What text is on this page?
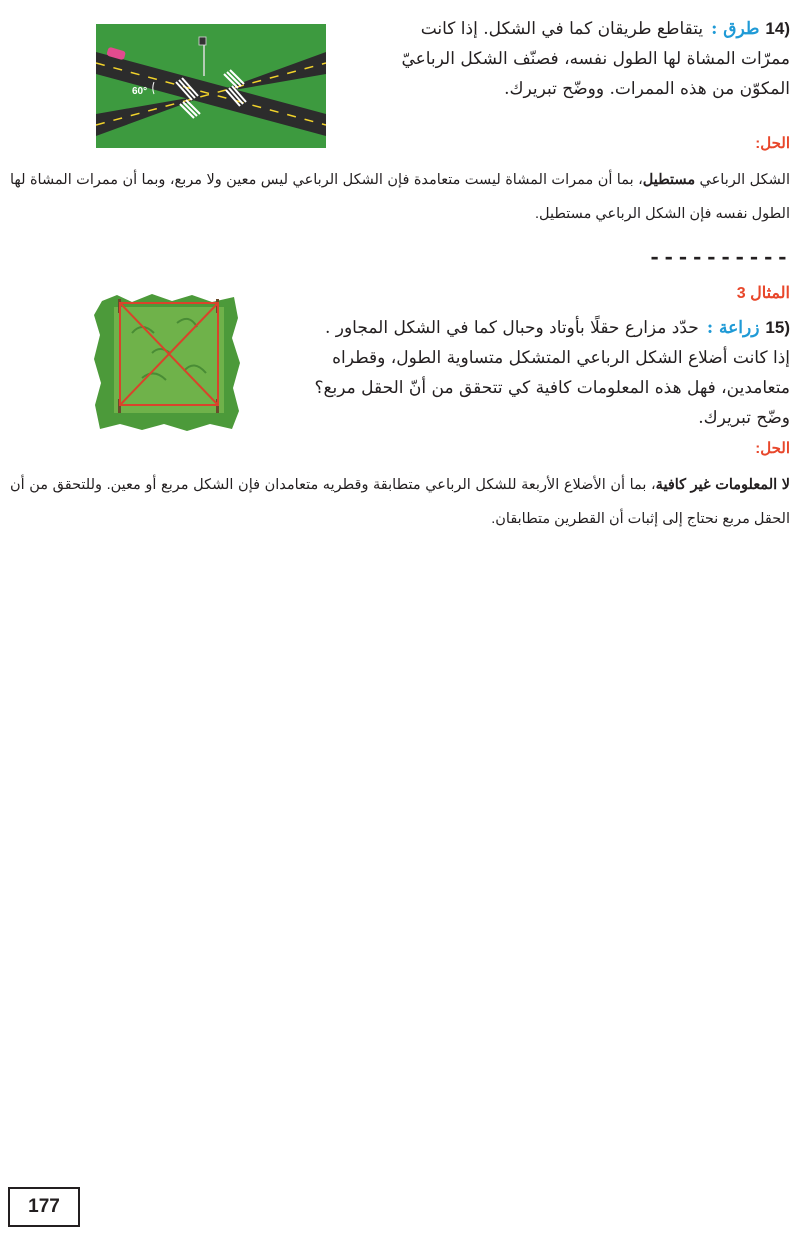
(14طرق :يتقاطع طريقان كما في الشكل. إذا كانت
ممرّات المشاة لها الطول نفسه، فصنّف الشكل الرباعيّ
المكوّن من هذه الممرات. ووضّح تبريرك.
60°
الحل:
الشكل الرباعي مستطيل، بما أن ممرات المشاة ليست متعامدة فإن الشكل الرباعي ليس معين ولا مربع، وبما أن ممرات المشاة لها الطول نفسه فإن الشكل الرباعي مستطيل.
----------
المثال 3
(15زراعة :حدّد مزارع حقلًا بأوتاد وحبال كما في الشكل المجاور .
إذا كانت أضلاع الشكل الرباعي المتشكل متساوية الطول، وقطراه
متعامدين، فهل هذه المعلومات كافية كي تتحقق من أنّ الحقل مربع؟
وضّح تبريرك.
الحل:
لا المعلومات غير كافية، بما أن الأضلاع الأربعة للشكل الرباعي متطابقة وقطريه متعامدان فإن الشكل مربع أو معين. وللتحقق من أن الحقل مربع نحتاج إلى إثبات أن القطرين متطابقان.
177
